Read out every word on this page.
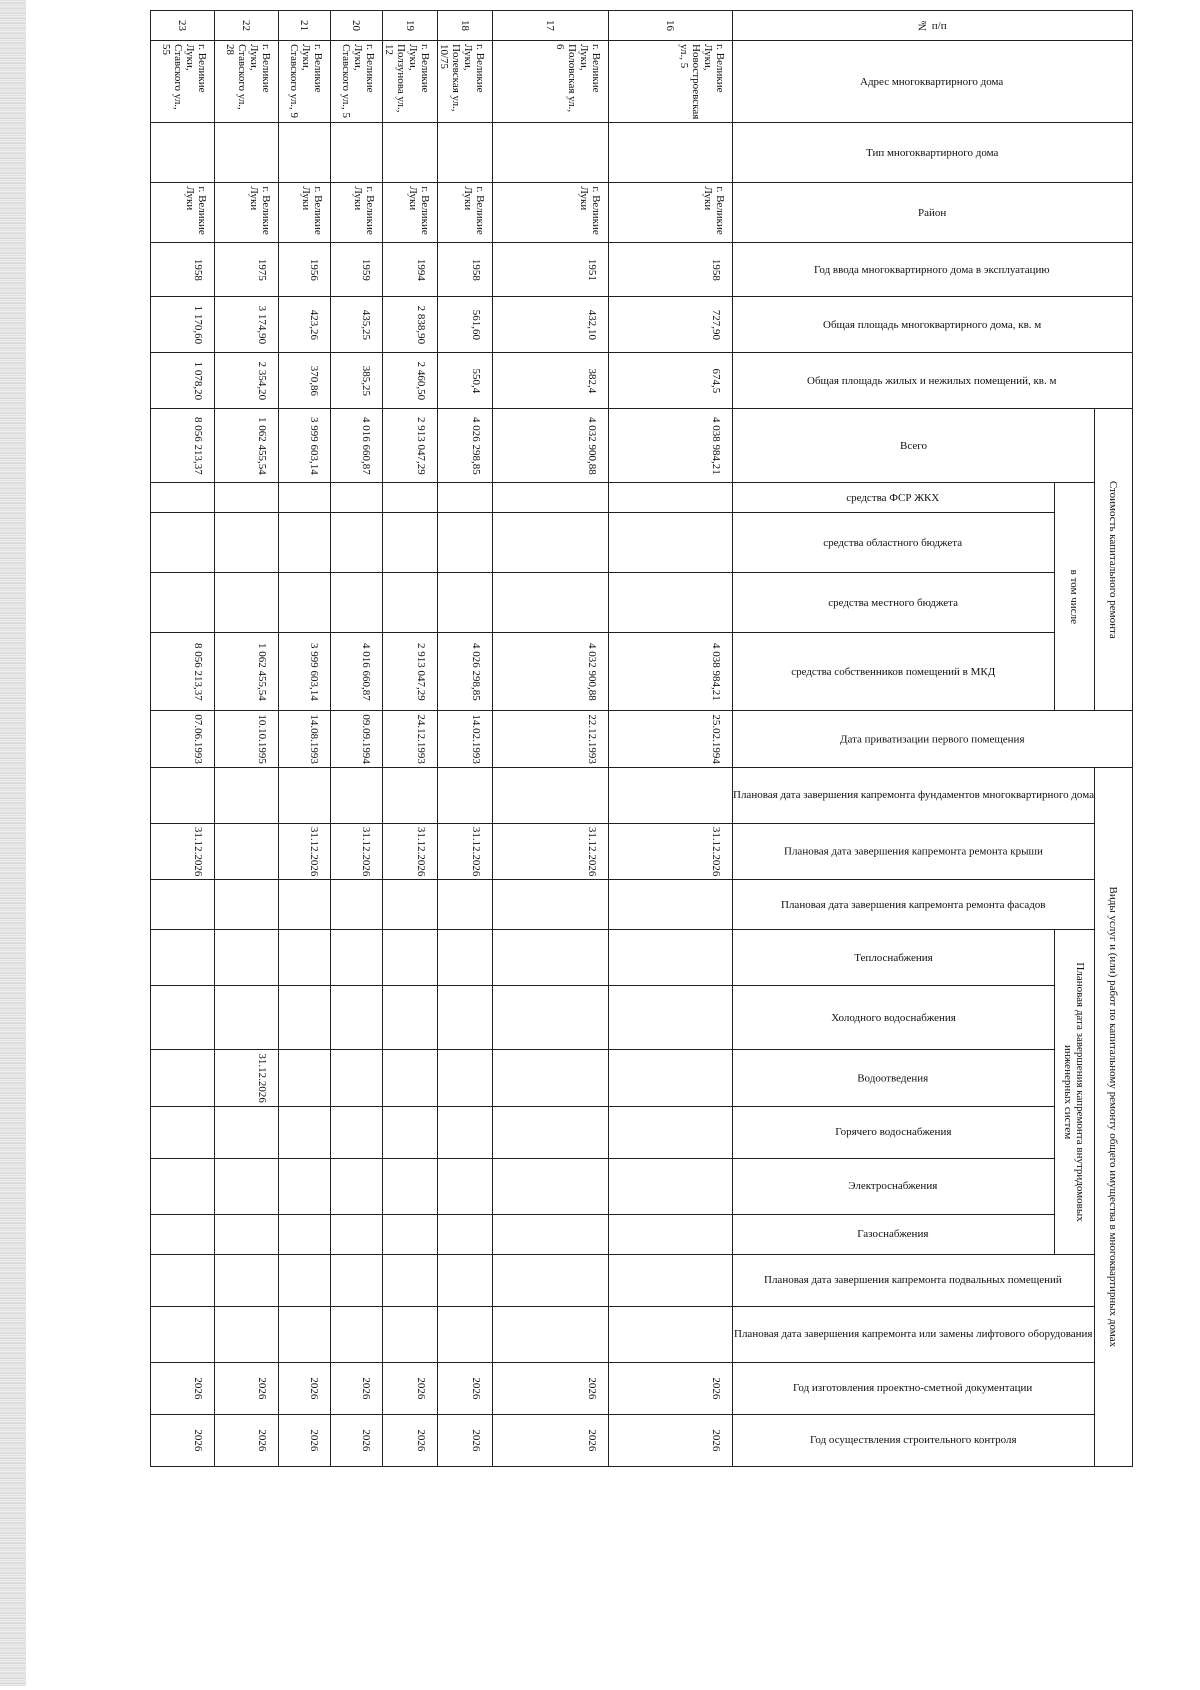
№ п/п	Адрес многоквартирного дома	Тип многоквартирного дома	Район	Год ввода многоквартирного дома в эксплуатацию	Общая площадь многоквартирного дома, кв. м	Общая площадь жилых и нежилых помещений, кв. м	Стоимость капитального ремонта					Дата приватизации первого помещения	Виды услуг и (или) работ по капитальному ремонту общего имущества в многоквартирных домах												
							Всего	в том числе					Плановая дата завершения капремонта фундаментов многоквартирного дома	Плановая дата завершения капремонта ремонта крыши	Плановая дата завершения капремонта ремонта фасадов	Плановая дата завершения капремонта внутридомовых инженерных систем						Плановая дата завершения капремонта подвальных помещений	Плановая дата завершения капремонта или замены лифтового оборудования	Год изготовления проектно-сметной документации	Год осуществления строительного контроля
								средства ФСР ЖКХ	средства областного бюджета	средства местного бюджета	средства собственников помещений в МКД					Теплоснабжения	Холодного водоснабжения	Водоотведения	Горячего водоснабжения	Электроснабжения	Газоснабжения				
16	г. Великие Луки, Новостроевская ул., 5		г. Великие Луки	1958	727,90	674,5	4 038 984,21				4 038 984,21	25.02.1994		31.12.2026										2026	2026
17	г. Великие Луки, Половская ул., 6		г. Великие Луки	1951	432,10	382,4	4 032 900,88				4 032 900,88	22.12.1993		31.12.2026										2026	2026
18	г. Великие Луки, Полевская ул., 10/75		г. Великие Луки	1958	561,60	550,4	4 026 298,85				4 026 298,85	14.02.1993		31.12.2026										2026	2026
19	г. Великие Луки, Ползунова ул., 12		г. Великие Луки	1994	2 838,90	2 460,50	2 913 047,29				2 913 047,29	24.12.1993		31.12.2026										2026	2026
20	г. Великие Луки, Ставского ул., 5		г. Великие Луки	1959	435,25	385,25	4 016 660,87				4 016 660,87	09.09.1994		31.12.2026										2026	2026
21	г. Великие Луки, Ставского ул., 9		г. Великие Луки	1956	423,26	370,86	3 999 603,14				3 999 603,14	14.08.1993		31.12.2026										2026	2026
22	г. Великие Луки, Ставского ул., 28		г. Великие Луки	1975	3 174,90	2 354,20	1 062 455,54				1 062 455,54	10.10.1995						31.12.2026						2026	2026
23	г. Великие Луки, Ставского ул., 55		г. Великие Луки	1958	1 170,60	1 078,20	8 056 213,37				8 056 213,37	07.06.1993		31.12.2026										2026	2026
